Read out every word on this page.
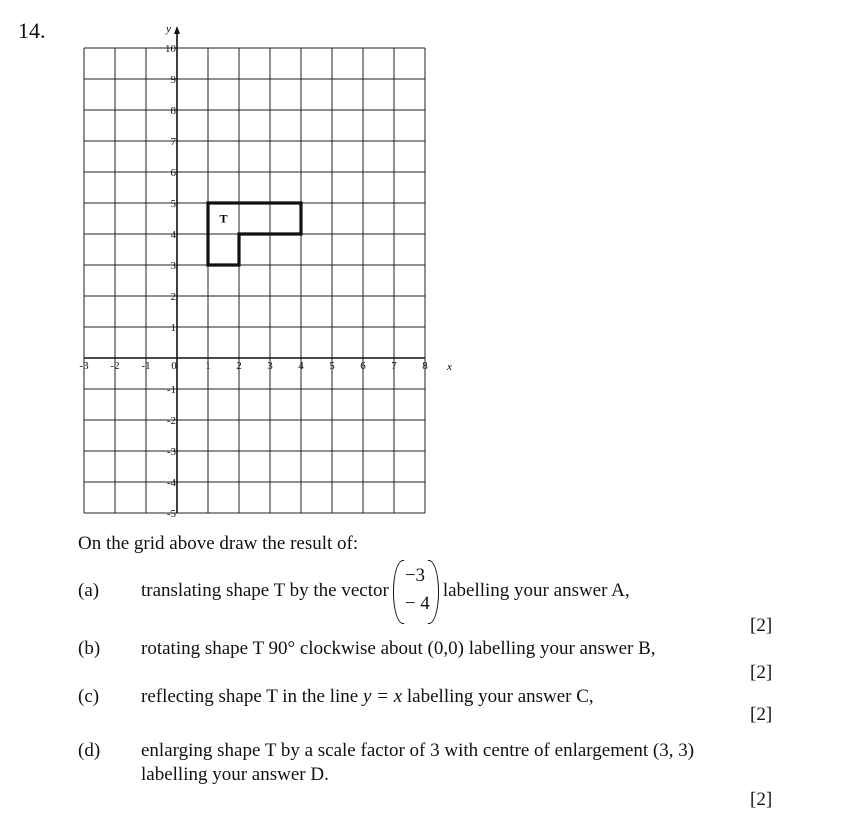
14.
-3 -2 -1 0	1 2 3 4 5 6 7 8
10
9
8
7
6
5
4
3
2
1
-1
-2
-3
-4
-5
T
y
x
On the grid above draw the result of:
(a) translating shape T by the vector
−3
− 4
labelling your answer A,
[2]
(b) rotating shape T 90° clockwise about (0,0) labelling your answer B,
[2]
(c) reflecting shape T in the line y = x labelling your answer C,
[2]
(d) enlarging shape T by a scale factor of 3 with centre of enlargement (3, 3)
labelling your answer D.
[2]
